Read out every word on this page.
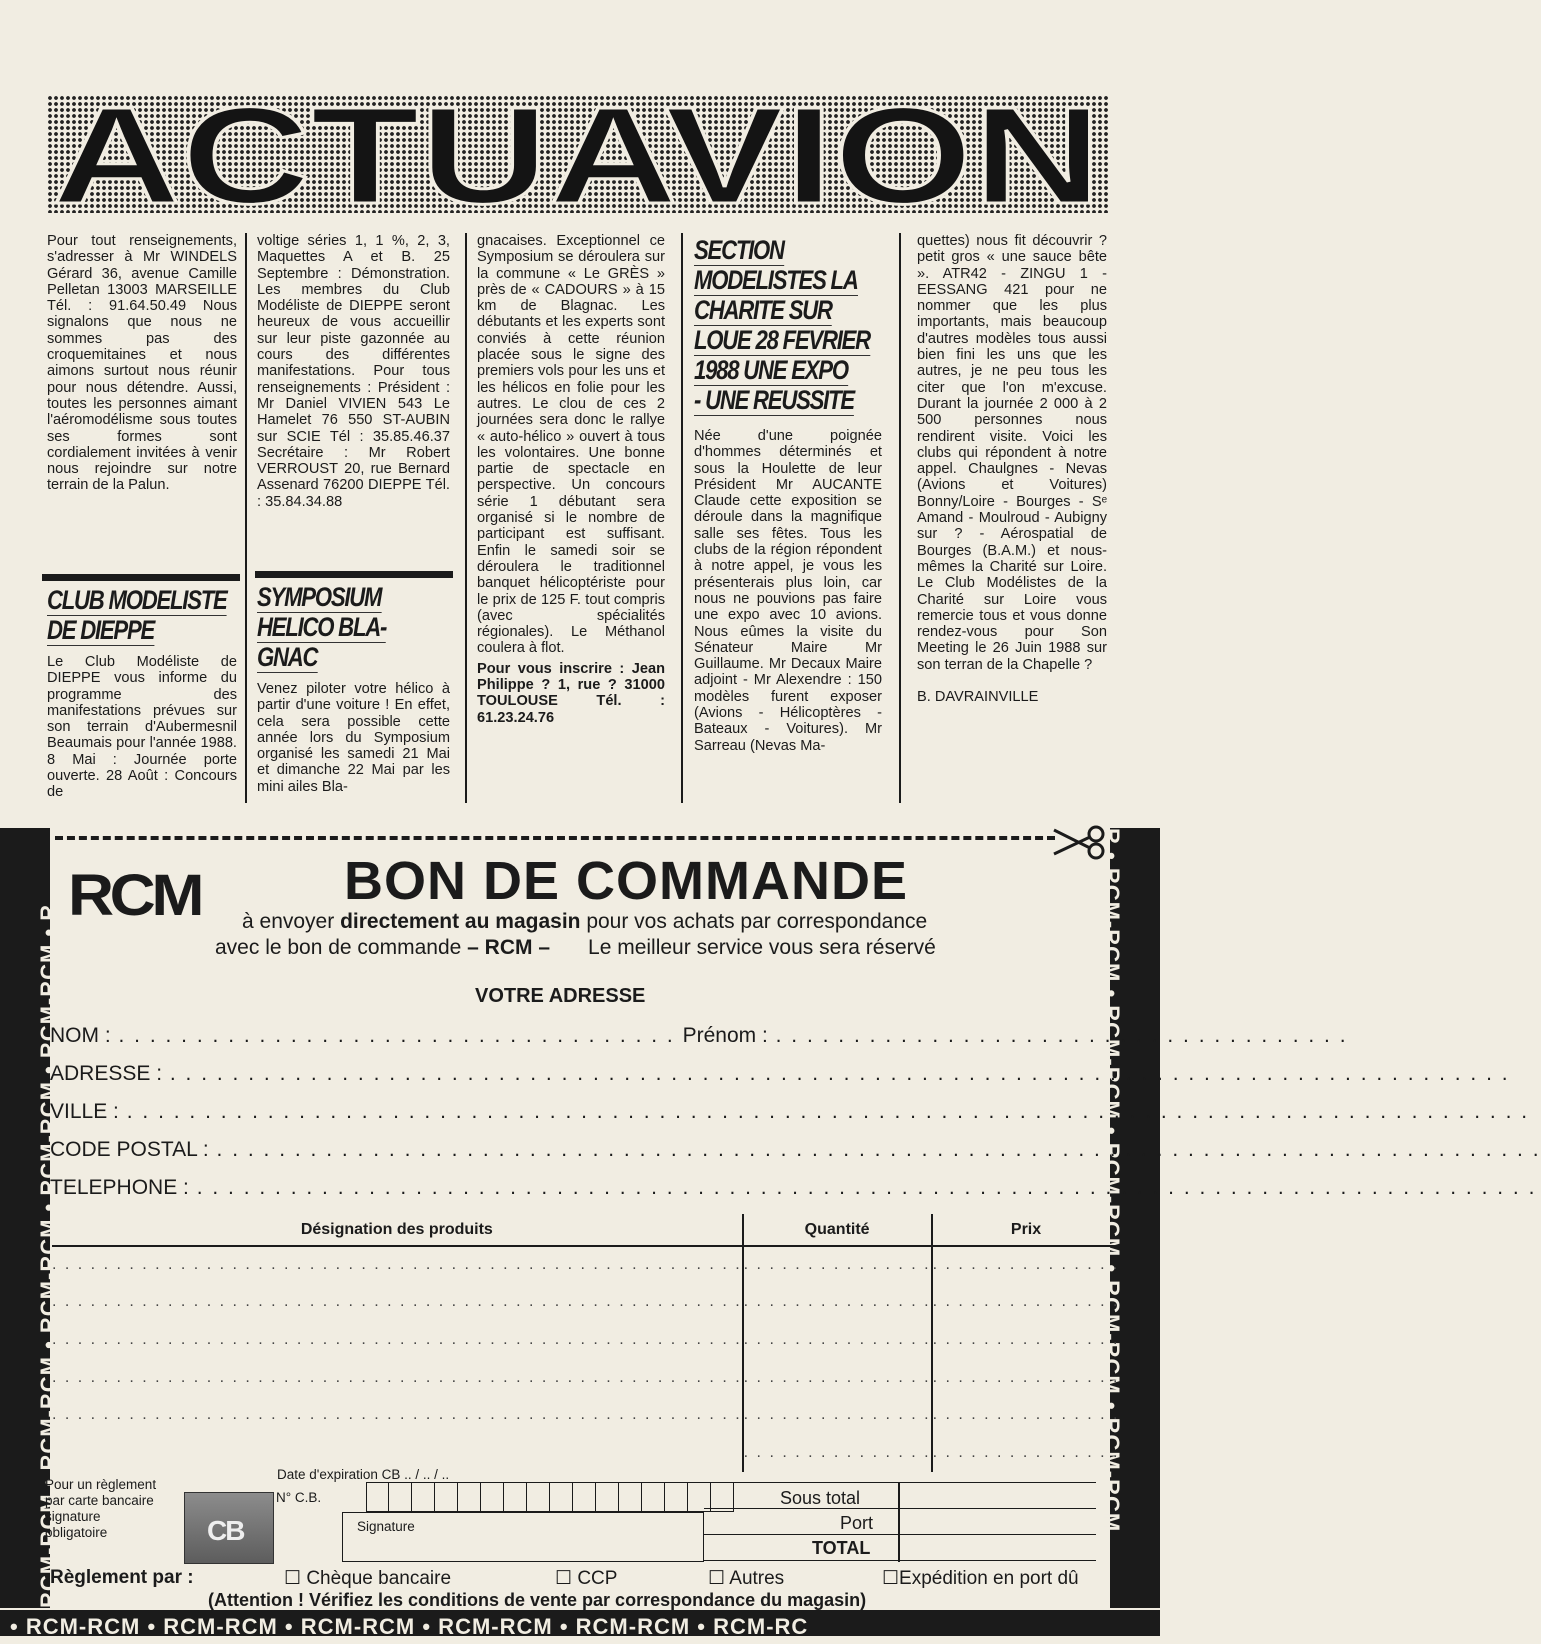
ACTUAVION

Pour tout renseignements, s'adresser à Mr WINDELS Gérard 36, avenue Camille Pelletan 13003 MARSEILLE Tél. : 91.64.50.49 Nous signalons que nous ne sommes pas des croquemitaines et nous aimons surtout nous réunir pour nous détendre. Aussi, toutes les personnes aimant l'aéromodélisme sous toutes ses formes sont cordialement invitées à venir nous rejoindre sur notre terrain de la Palun.

CLUB MODELISTE
DE DIEPPE

Le Club Modéliste de DIEPPE vous informe du programme des manifestations prévues sur son terrain d'Aubermesnil Beaumais pour l'année 1988. 8 Mai : Journée porte ouverte. 28 Août : Concours de

voltige séries 1, 1 %, 2, 3, Maquettes A et B. 25 Septembre : Démonstration. Les membres du Club Modéliste de DIEPPE seront heureux de vous accueillir sur leur piste gazonnée au cours des différentes manifestations. Pour tous renseignements : Président : Mr Daniel VIVIEN 543 Le Hamelet 76 550 ST-AUBIN sur SCIE Tél : 35.85.46.37 Secrétaire : Mr Robert VERROUST 20, rue Bernard Assenard 76200 DIEPPE Tél. : 35.84.34.88

SYMPOSIUM
HELICO BLA-
GNAC

Venez piloter votre hélico à partir d'une voiture ! En effet, cela sera possible cette année lors du Symposium organisé les samedi 21 Mai et dimanche 22 Mai par les mini ailes Bla-

gnacaises. Exceptionnel ce Symposium se déroulera sur la commune « Le GRÈS » près de « CADOURS » à 15 km de Blagnac. Les débutants et les experts sont conviés à cette réunion placée sous le signe des premiers vols pour les uns et les hélicos en folie pour les autres. Le clou de ces 2 journées sera donc le rallye « auto-hélico » ouvert à tous les volontaires. Une bonne partie de spectacle en perspective. Un concours série 1 débutant sera organisé si le nombre de participant est suffisant. Enfin le samedi soir se déroulera le traditionnel banquet hélicoptériste pour le prix de 125 F. tout compris (avec spécialités régionales). Le Méthanol coulera à flot.

Pour vous inscrire : Jean Philippe ? 1, rue ? 31000 TOULOUSE Tél. : 61.23.24.76

SECTION
MODELISTES LA
CHARITE SUR
LOUE 28 FEVRIER
1988 UNE EXPO
- UNE REUSSITE

Née d'une poignée d'hommes déterminés et sous la Houlette de leur Président Mr AUCANTE Claude cette exposition se déroule dans la magnifique salle ses fêtes. Tous les clubs de la région répondent à notre appel, je vous les présenterais plus loin, car nous ne pouvions pas faire une expo avec 10 avions. Nous eûmes la visite du Sénateur Maire Mr Guillaume. Mr Decaux Maire adjoint - Mr Alexendre : 150 modèles furent exposer (Avions - Hélicoptères - Bateaux - Voitures). Mr Sarreau (Nevas Ma-

quettes) nous fit découvrir ? petit gros « une sauce bête ». ATR42 - ZINGU 1 - EESSANG 421 pour ne nommer que les plus importants, mais beaucoup d'autres modèles tous aussi bien fini les uns que les autres, je ne peu tous les citer que l'on m'excuse. Durant la journée 2 000 à 2 500 personnes nous rendirent visite. Voici les clubs qui répondent à notre appel. Chaulgnes - Nevas (Avions et Voitures) Bonny/Loire - Bourges - Sᵉ Amand - Moulroud - Aubigny sur ? - Aérospatial de Bourges (B.A.M.) et nous-mêmes la Charité sur Loire. Le Club Modélistes de la Charité sur Loire vous remercie tous et vous donne rendez-vous pour Son Meeting le 26 Juin 1988 sur son terran de la Chapelle ?

B. DAVRAINVILLE

RCM-RCM • RCM-RCM • RCM-RCM • RCM-RCM • RCM-RCM • R	R • RCM-RCM • RCM-RCM • RCM-RCM • RCM-RCM • RCM-RCM
• RCM-RCM • RCM-RCM • RCM-RCM • RCM-RCM • RCM-RCM • RCM-RC
RCM	BON DE COMMANDE
à envoyer directement au magasin pour vos achats par correspondance
avec le bon de commande – RCM – Le meilleur service vous sera réservé
VOTRE ADRESSE
NOM : . . . . . . . . . . . . . . . . . . . . . . . . . . . . . . . . . . . . Prénom : . . . . . . . . . . . . . . . . . . . . . . . . . . . . . . . . . . . . .
ADRESSE : . . . . . . . . . . . . . . . . . . . . . . . . . . . . . . . . . . . . . . . . . . . . . . . . . . . . . . . . . . . . . . . . . . . . . . . . . . . . . . . . . . . . . .
VILLE : . . . . . . . . . . . . . . . . . . . . . . . . . . . . . . . . . . . . . . . . . . . . . . . . . . . . . . . . . . . . . . . . . . . . . . . . . . . . . . . . . . . . . . . . . .
CODE POSTAL : . . . . . . . . . . . . . . . . . . . . . . . . . . . . . . . . . . . . . . . . . . . . . . . . . . . . . . . . . . . . . . . . . . . . . . . . . . . . . . . . . . . . .
TELEPHONE : . . . . . . . . . . . . . . . . . . . . . . . . . . . . . . . . . . . . . . . . . . . . . . . . . . . . . . . . . . . . . . . . . . . . . . . . . . . . . . . . . . . . . .
Désignation des produits	Quantité	Prix
. . . . . . . . . . . . . . . . . . . . . . . . . . . . . . . . . . . . . . . . . . . . . . . . . . . . . .	. . . . . . . . . . . . . . .	. . . . . . . . . . . . . . .
. . . . . . . . . . . . . . . . . . . . . . . . . . . . . . . . . . . . . . . . . . . . . . . . . . . . . .	. . . . . . . . . . . . . . .	. . . . . . . . . . . . . . .
. . . . . . . . . . . . . . . . . . . . . . . . . . . . . . . . . . . . . . . . . . . . . . . . . . . . . .	. . . . . . . . . . . . . . .	. . . . . . . . . . . . . . .
. . . . . . . . . . . . . . . . . . . . . . . . . . . . . . . . . . . . . . . . . . . . . . . . . . . . . .	. . . . . . . . . . . . . . .	. . . . . . . . . . . . . . .
. . . . . . . . . . . . . . . . . . . . . . . . . . . . . . . . . . . . . . . . . . . . . . . . . . . . . .	. . . . . . . . . . . . . . .	. . . . . . . . . . . . . . .
	. . . . . . . . . . . . . . .	. . . . . . . . . . . . . . .
Pour un règlement par carte bancaire signature obligatoire	CB
Date d'expiration CB .. / .. / ..
N° C.B.
Signature
Sous total
Port
TOTAL
Règlement par :	☐ Chèque bancaire	☐ CCP	☐ Autres	☐Expédition en port dû
(Attention ! Vérifiez les conditions de vente par correspondance du magasin)
